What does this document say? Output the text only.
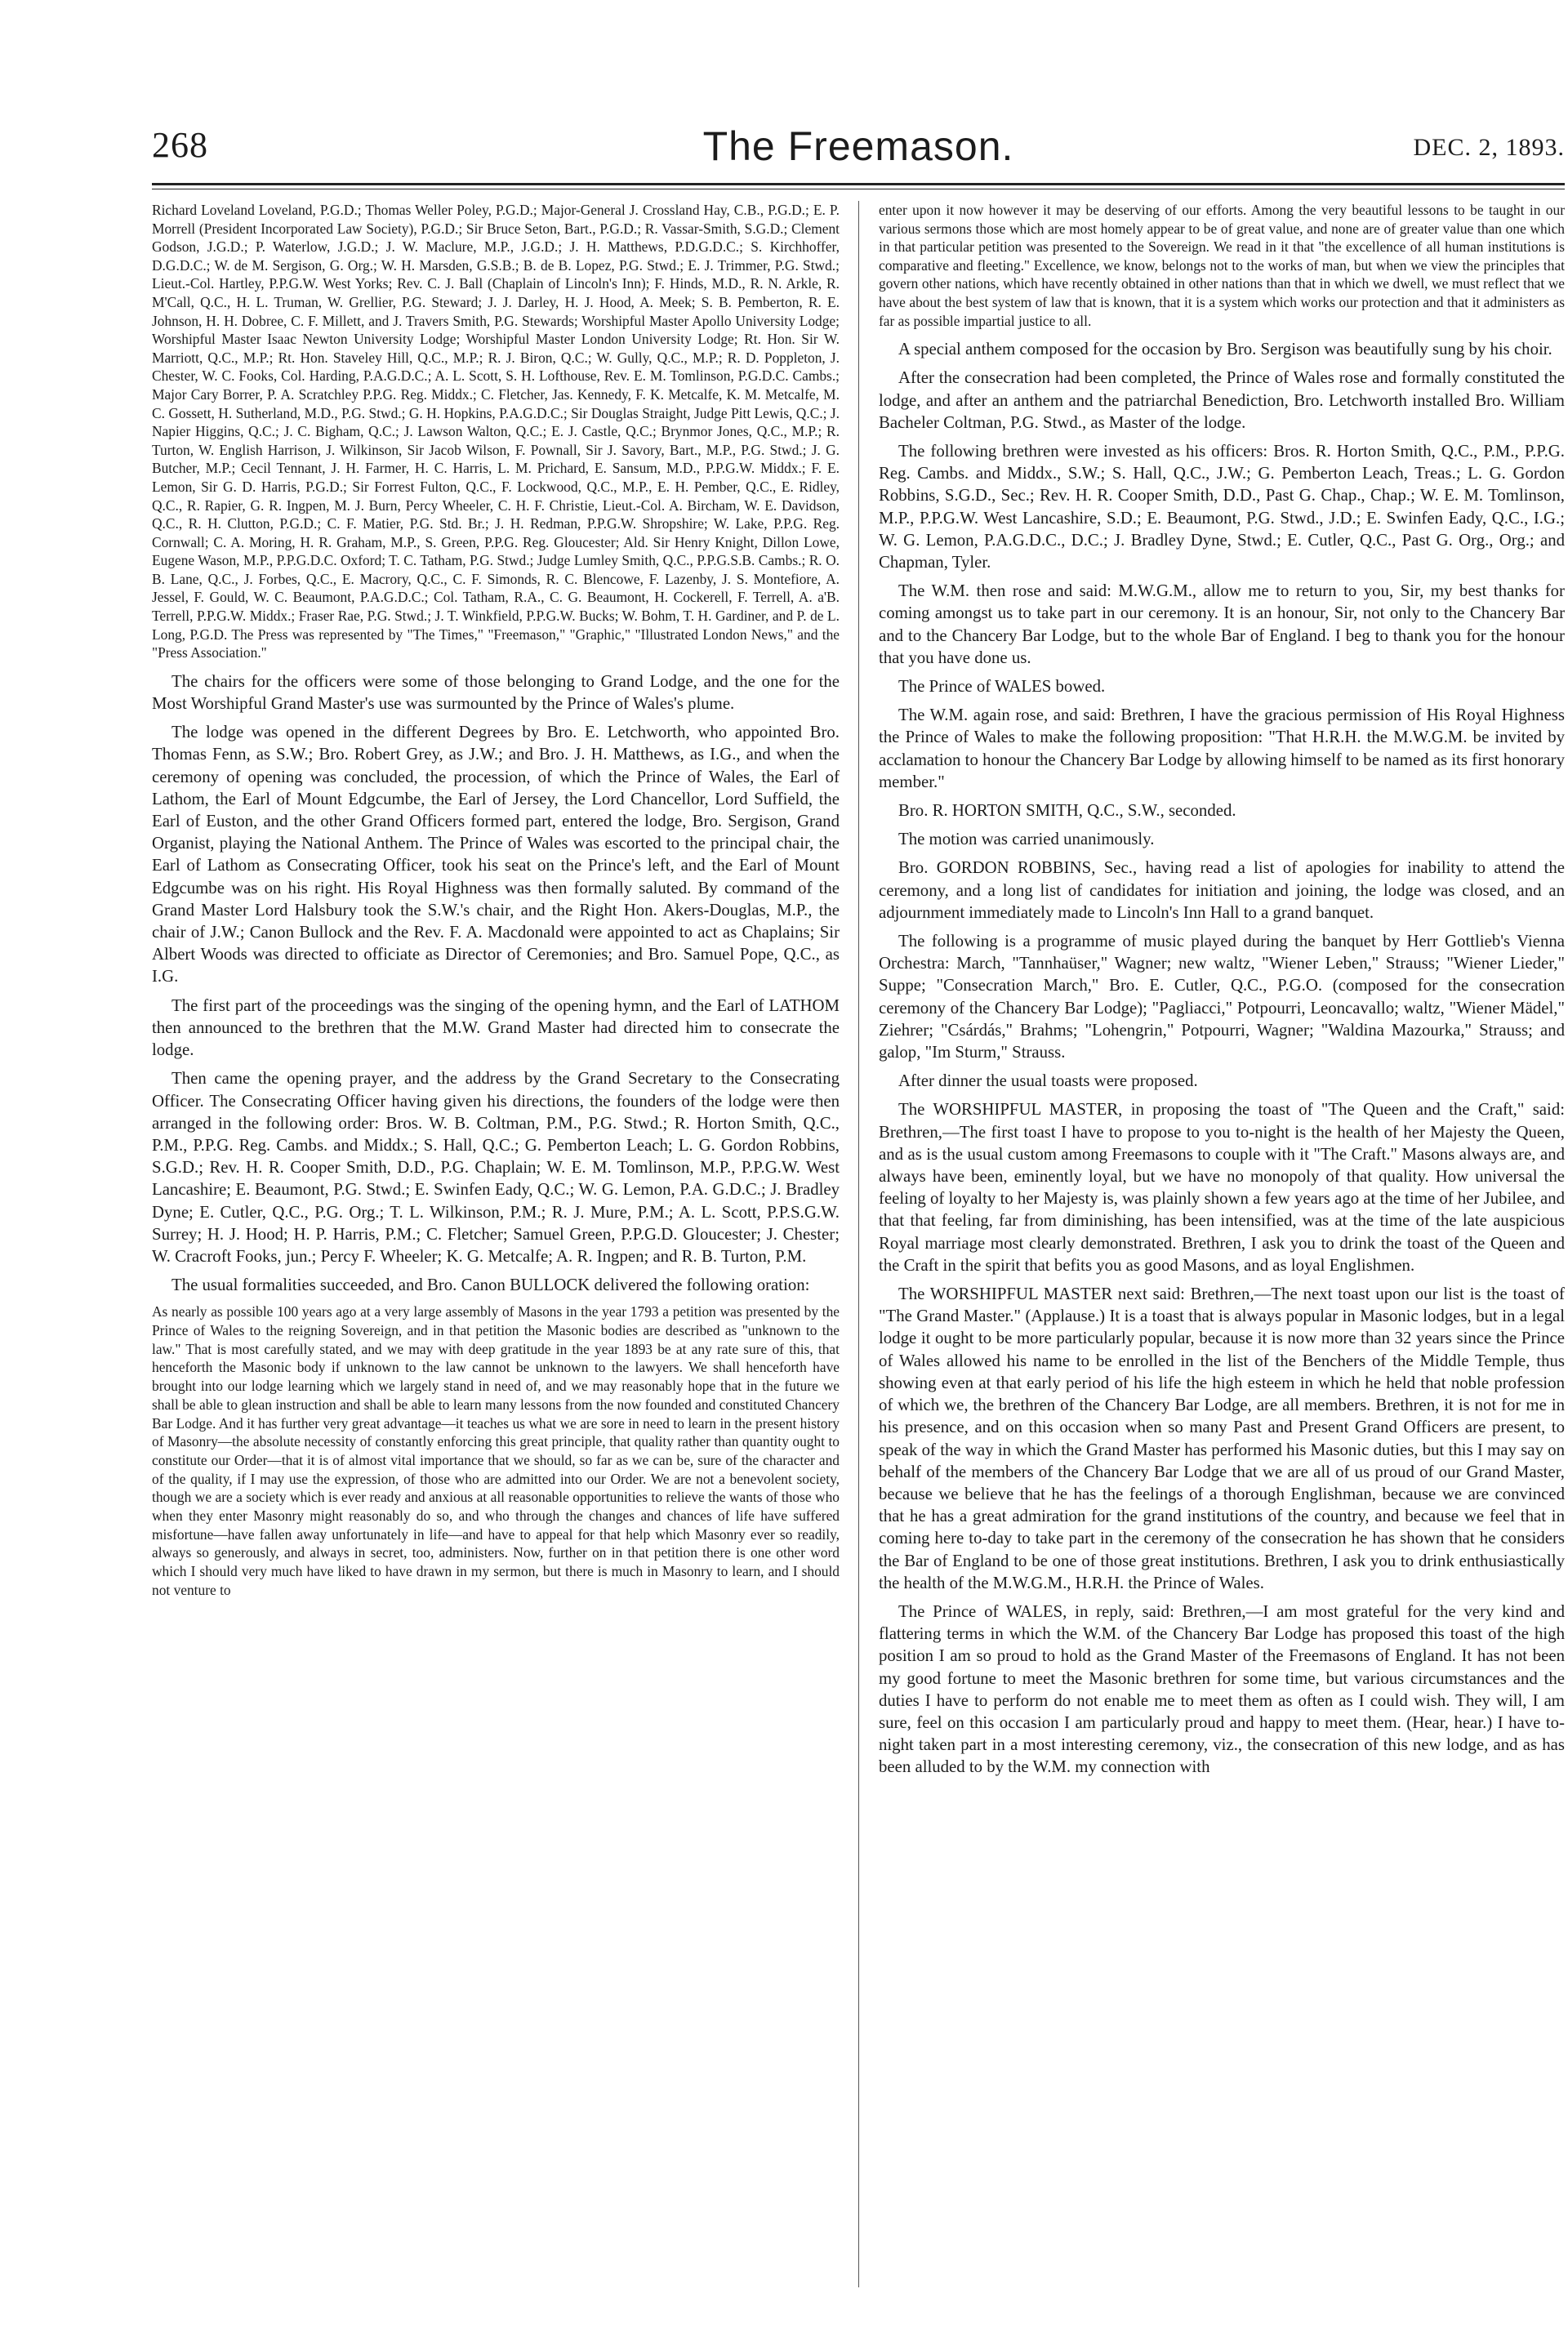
268	The Freemason.	DEC. 2, 1893.

Richard Loveland Loveland, P.G.D.; Thomas Weller Poley, P.G.D.; Major-General J. Crossland Hay, C.B., P.G.D.; E. P. Morrell (President Incorporated Law Society), P.G.D.; Sir Bruce Seton, Bart., P.G.D.; R. Vassar-Smith, S.G.D.; Clement Godson, J.G.D.; P. Waterlow, J.G.D.; J. W. Maclure, M.P., J.G.D.; J. H. Matthews, P.D.G.D.C.; S. Kirchhoffer, D.G.D.C.; W. de M. Sergison, G. Org.; W. H. Marsden, G.S.B.; B. de B. Lopez, P.G. Stwd.; E. J. Trimmer, P.G. Stwd.; Lieut.-Col. Hartley, P.P.G.W. West Yorks; Rev. C. J. Ball (Chaplain of Lincoln's Inn); F. Hinds, M.D., R. N. Arkle, R. M'Call, Q.C., H. L. Truman, W. Grellier, P.G. Steward; J. J. Darley, H. J. Hood, A. Meek; S. B. Pemberton, R. E. Johnson, H. H. Dobree, C. F. Millett, and J. Travers Smith, P.G. Stewards; Worshipful Master Apollo University Lodge; Worshipful Master Isaac Newton University Lodge; Worshipful Master London University Lodge; Rt. Hon. Sir W. Marriott, Q.C., M.P.; Rt. Hon. Staveley Hill, Q.C., M.P.; R. J. Biron, Q.C.; W. Gully, Q.C., M.P.; R. D. Poppleton, J. Chester, W. C. Fooks, Col. Harding, P.A.G.D.C.; A. L. Scott, S. H. Lofthouse, Rev. E. M. Tomlinson, P.G.D.C. Cambs.; Major Cary Borrer, P. A. Scratchley P.P.G. Reg. Middx.; C. Fletcher, Jas. Kennedy, F. K. Metcalfe, K. M. Metcalfe, M. C. Gossett, H. Sutherland, M.D., P.G. Stwd.; G. H. Hopkins, P.A.G.D.C.; Sir Douglas Straight, Judge Pitt Lewis, Q.C.; J. Napier Higgins, Q.C.; J. C. Bigham, Q.C.; J. Lawson Walton, Q.C.; E. J. Castle, Q.C.; Brynmor Jones, Q.C., M.P.; R. Turton, W. English Harrison, J. Wilkinson, Sir Jacob Wilson, F. Pownall, Sir J. Savory, Bart., M.P., P.G. Stwd.; J. G. Butcher, M.P.; Cecil Tennant, J. H. Farmer, H. C. Harris, L. M. Prichard, E. Sansum, M.D., P.P.G.W. Middx.; F. E. Lemon, Sir G. D. Harris, P.G.D.; Sir Forrest Fulton, Q.C., F. Lockwood, Q.C., M.P., E. H. Pember, Q.C., E. Ridley, Q.C., R. Rapier, G. R. Ingpen, M. J. Burn, Percy Wheeler, C. H. F. Christie, Lieut.-Col. A. Bircham, W. E. Davidson, Q.C., R. H. Clutton, P.G.D.; C. F. Matier, P.G. Std. Br.; J. H. Redman, P.P.G.W. Shropshire; W. Lake, P.P.G. Reg. Cornwall; C. A. Moring, H. R. Graham, M.P., S. Green, P.P.G. Reg. Gloucester; Ald. Sir Henry Knight, Dillon Lowe, Eugene Wason, M.P., P.P.G.D.C. Oxford; T. C. Tatham, P.G. Stwd.; Judge Lumley Smith, Q.C., P.P.G.S.B. Cambs.; R. O. B. Lane, Q.C., J. Forbes, Q.C., E. Macrory, Q.C., C. F. Simonds, R. C. Blencowe, F. Lazenby, J. S. Montefiore, A. Jessel, F. Gould, W. C. Beaumont, P.A.G.D.C.; Col. Tatham, R.A., C. G. Beaumont, H. Cockerell, F. Terrell, A. a'B. Terrell, P.P.G.W. Middx.; Fraser Rae, P.G. Stwd.; J. T. Winkfield, P.P.G.W. Bucks; W. Bohm, T. H. Gardiner, and P. de L. Long, P.G.D. The Press was represented by "The Times," "Freemason," "Graphic," "Illustrated London News," and the "Press Association."

The chairs for the officers were some of those belonging to Grand Lodge, and the one for the Most Worshipful Grand Master's use was surmounted by the Prince of Wales's plume.

The lodge was opened in the different Degrees by Bro. E. Letchworth, who appointed Bro. Thomas Fenn, as S.W.; Bro. Robert Grey, as J.W.; and Bro. J. H. Matthews, as I.G., and when the ceremony of opening was concluded, the procession, of which the Prince of Wales, the Earl of Lathom, the Earl of Mount Edgcumbe, the Earl of Jersey, the Lord Chancellor, Lord Suffield, the Earl of Euston, and the other Grand Officers formed part, entered the lodge, Bro. Sergison, Grand Organist, playing the National Anthem. The Prince of Wales was escorted to the principal chair, the Earl of Lathom as Consecrating Officer, took his seat on the Prince's left, and the Earl of Mount Edgcumbe was on his right. His Royal Highness was then formally saluted. By command of the Grand Master Lord Halsbury took the S.W.'s chair, and the Right Hon. Akers-Douglas, M.P., the chair of J.W.; Canon Bullock and the Rev. F. A. Macdonald were appointed to act as Chaplains; Sir Albert Woods was directed to officiate as Director of Ceremonies; and Bro. Samuel Pope, Q.C., as I.G.

The first part of the proceedings was the singing of the opening hymn, and the Earl of LATHOM then announced to the brethren that the M.W. Grand Master had directed him to consecrate the lodge.

Then came the opening prayer, and the address by the Grand Secretary to the Consecrating Officer. The Consecrating Officer having given his directions, the founders of the lodge were then arranged in the following order: Bros. W. B. Coltman, P.M., P.G. Stwd.; R. Horton Smith, Q.C., P.M., P.P.G. Reg. Cambs. and Middx.; S. Hall, Q.C.; G. Pemberton Leach; L. G. Gordon Robbins, S.G.D.; Rev. H. R. Cooper Smith, D.D., P.G. Chaplain; W. E. M. Tomlinson, M.P., P.P.G.W. West Lancashire; E. Beaumont, P.G. Stwd.; E. Swinfen Eady, Q.C.; W. G. Lemon, P.A. G.D.C.; J. Bradley Dyne; E. Cutler, Q.C., P.G. Org.; T. L. Wilkinson, P.M.; R. J. Mure, P.M.; A. L. Scott, P.P.S.G.W. Surrey; H. J. Hood; H. P. Harris, P.M.; C. Fletcher; Samuel Green, P.P.G.D. Gloucester; J. Chester; W. Cracroft Fooks, jun.; Percy F. Wheeler; K. G. Metcalfe; A. R. Ingpen; and R. B. Turton, P.M.

The usual formalities succeeded, and Bro. Canon BULLOCK delivered the following oration:

As nearly as possible 100 years ago at a very large assembly of Masons in the year 1793 a petition was presented by the Prince of Wales to the reigning Sovereign, and in that petition the Masonic bodies are described as "unknown to the law." That is most carefully stated, and we may with deep gratitude in the year 1893 be at any rate sure of this, that henceforth the Masonic body if unknown to the law cannot be unknown to the lawyers. We shall henceforth have brought into our lodge learning which we largely stand in need of, and we may reasonably hope that in the future we shall be able to glean instruction and shall be able to learn many lessons from the now founded and constituted Chancery Bar Lodge. And it has further very great advantage—it teaches us what we are sore in need to learn in the present history of Masonry—the absolute necessity of constantly enforcing this great principle, that quality rather than quantity ought to constitute our Order—that it is of almost vital importance that we should, so far as we can be, sure of the character and of the quality, if I may use the expression, of those who are admitted into our Order. We are not a benevolent society, though we are a society which is ever ready and anxious at all reasonable opportunities to relieve the wants of those who when they enter Masonry might reasonably do so, and who through the changes and chances of life have suffered misfortune—have fallen away unfortunately in life—and have to appeal for that help which Masonry ever so readily, always so generously, and always in secret, too, administers. Now, further on in that petition there is one other word which I should very much have liked to have drawn in my sermon, but there is much in Masonry to learn, and I should not venture to

enter upon it now however it may be deserving of our efforts. Among the very beautiful lessons to be taught in our various sermons those which are most homely appear to be of great value, and none are of greater value than one which in that particular petition was presented to the Sovereign. We read in it that "the excellence of all human institutions is comparative and fleeting." Excellence, we know, belongs not to the works of man, but when we view the principles that govern other nations, which have recently obtained in other nations than that in which we dwell, we must reflect that we have about the best system of law that is known, that it is a system which works our protection and that it administers as far as possible impartial justice to all.

A special anthem composed for the occasion by Bro. Sergison was beautifully sung by his choir.

After the consecration had been completed, the Prince of Wales rose and formally constituted the lodge, and after an anthem and the patriarchal Benediction, Bro. Letchworth installed Bro. William Bacheler Coltman, P.G. Stwd., as Master of the lodge.

The following brethren were invested as his officers: Bros. R. Horton Smith, Q.C., P.M., P.P.G. Reg. Cambs. and Middx., S.W.; S. Hall, Q.C., J.W.; G. Pemberton Leach, Treas.; L. G. Gordon Robbins, S.G.D., Sec.; Rev. H. R. Cooper Smith, D.D., Past G. Chap., Chap.; W. E. M. Tomlinson, M.P., P.P.G.W. West Lancashire, S.D.; E. Beaumont, P.G. Stwd., J.D.; E. Swinfen Eady, Q.C., I.G.; W. G. Lemon, P.A.G.D.C., D.C.; J. Bradley Dyne, Stwd.; E. Cutler, Q.C., Past G. Org., Org.; and Chapman, Tyler.

The W.M. then rose and said: M.W.G.M., allow me to return to you, Sir, my best thanks for coming amongst us to take part in our ceremony. It is an honour, Sir, not only to the Chancery Bar and to the Chancery Bar Lodge, but to the whole Bar of England. I beg to thank you for the honour that you have done us.

The Prince of WALES bowed.

The W.M. again rose, and said: Brethren, I have the gracious permission of His Royal Highness the Prince of Wales to make the following proposition: "That H.R.H. the M.W.G.M. be invited by acclamation to honour the Chancery Bar Lodge by allowing himself to be named as its first honorary member."

Bro. R. HORTON SMITH, Q.C., S.W., seconded.

The motion was carried unanimously.

Bro. GORDON ROBBINS, Sec., having read a list of apologies for inability to attend the ceremony, and a long list of candidates for initiation and joining, the lodge was closed, and an adjournment immediately made to Lincoln's Inn Hall to a grand banquet.

The following is a programme of music played during the banquet by Herr Gottlieb's Vienna Orchestra: March, "Tannhaüser," Wagner; new waltz, "Wiener Leben," Strauss; "Wiener Lieder," Suppe; "Consecration March," Bro. E. Cutler, Q.C., P.G.O. (composed for the consecration ceremony of the Chancery Bar Lodge); "Pagliacci," Potpourri, Leoncavallo; waltz, "Wiener Mädel," Ziehrer; "Csárdás," Brahms; "Lohengrin," Potpourri, Wagner; "Waldina Mazourka," Strauss; and galop, "Im Sturm," Strauss.

After dinner the usual toasts were proposed.

The WORSHIPFUL MASTER, in proposing the toast of "The Queen and the Craft," said: Brethren,—The first toast I have to propose to you to-night is the health of her Majesty the Queen, and as is the usual custom among Freemasons to couple with it "The Craft." Masons always are, and always have been, eminently loyal, but we have no monopoly of that quality. How universal the feeling of loyalty to her Majesty is, was plainly shown a few years ago at the time of her Jubilee, and that that feeling, far from diminishing, has been intensified, was at the time of the late auspicious Royal marriage most clearly demonstrated. Brethren, I ask you to drink the toast of the Queen and the Craft in the spirit that befits you as good Masons, and as loyal Englishmen.

The WORSHIPFUL MASTER next said: Brethren,—The next toast upon our list is the toast of "The Grand Master." (Applause.) It is a toast that is always popular in Masonic lodges, but in a legal lodge it ought to be more particularly popular, because it is now more than 32 years since the Prince of Wales allowed his name to be enrolled in the list of the Benchers of the Middle Temple, thus showing even at that early period of his life the high esteem in which he held that noble profession of which we, the brethren of the Chancery Bar Lodge, are all members. Brethren, it is not for me in his presence, and on this occasion when so many Past and Present Grand Officers are present, to speak of the way in which the Grand Master has performed his Masonic duties, but this I may say on behalf of the members of the Chancery Bar Lodge that we are all of us proud of our Grand Master, because we believe that he has the feelings of a thorough Englishman, because we are convinced that he has a great admiration for the grand institutions of the country, and because we feel that in coming here to-day to take part in the ceremony of the consecration he has shown that he considers the Bar of England to be one of those great institutions. Brethren, I ask you to drink enthusiastically the health of the M.W.G.M., H.R.H. the Prince of Wales.

The Prince of WALES, in reply, said: Brethren,—I am most grateful for the very kind and flattering terms in which the W.M. of the Chancery Bar Lodge has proposed this toast of the high position I am so proud to hold as the Grand Master of the Freemasons of England. It has not been my good fortune to meet the Masonic brethren for some time, but various circumstances and the duties I have to perform do not enable me to meet them as often as I could wish. They will, I am sure, feel on this occasion I am particularly proud and happy to meet them. (Hear, hear.) I have to-night taken part in a most interesting ceremony, viz., the consecration of this new lodge, and as has been alluded to by the W.M. my connection with
